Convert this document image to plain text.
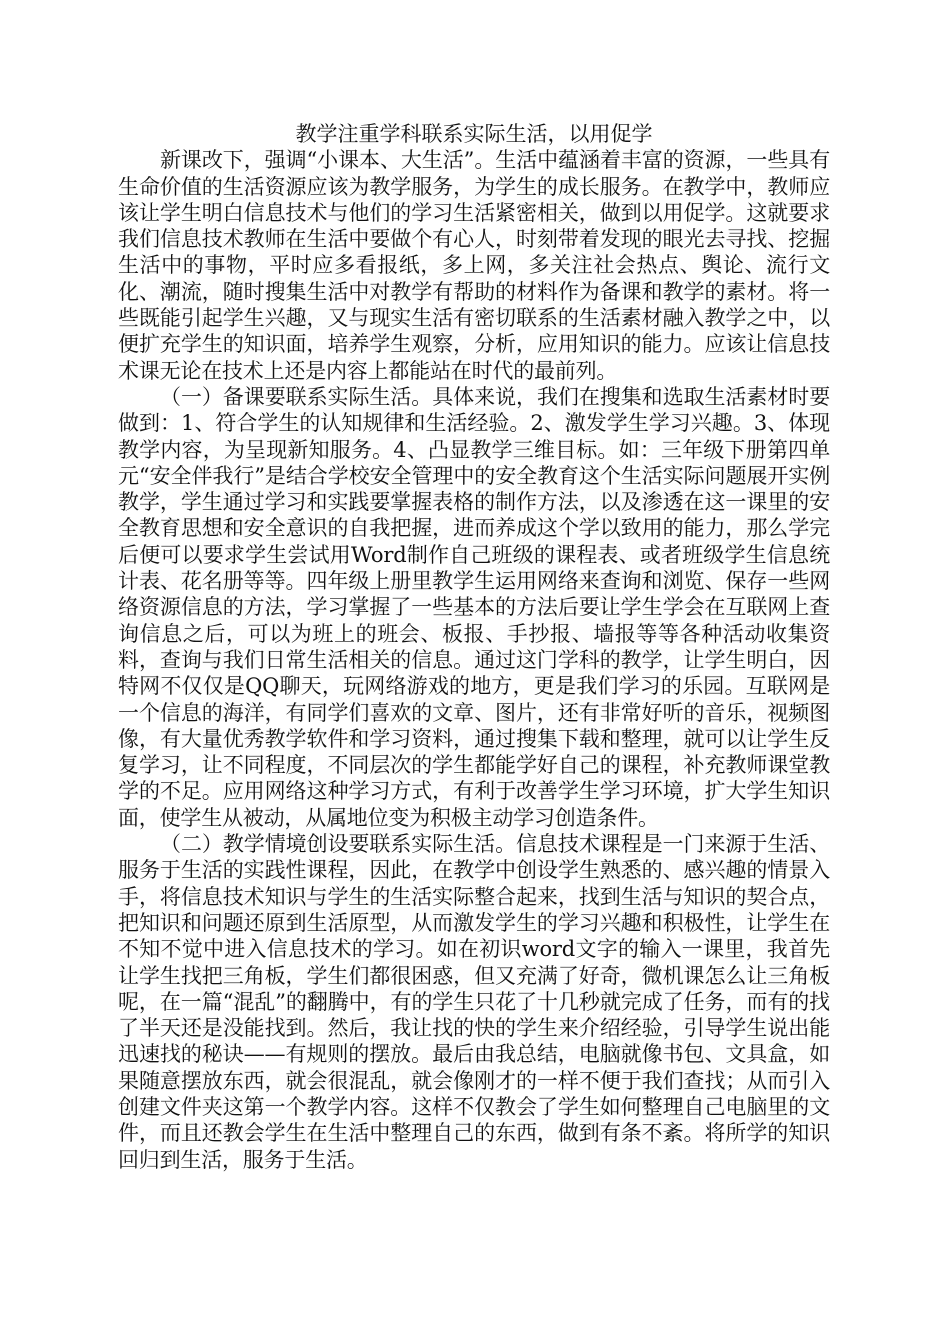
教学注重学科联系实际生活，以用促学

新课改下，强调“小课本、大生活”。生活中蕴涵着丰富的资源，一些具有生命价值的生活资源应该为教学服务，为学生的成长服务。在教学中，教师应该让学生明白信息技术与他们的学习生活紧密相关，做到以用促学。这就要求我们信息技术教师在生活中要做个有心人，时刻带着发现的眼光去寻找、挖掘生活中的事物，平时应多看报纸，多上网，多关注社会热点、舆论、流行文化、潮流，随时搜集生活中对教学有帮助的材料作为备课和教学的素材。将一些既能引起学生兴趣，又与现实生活有密切联系的生活素材融入教学之中，以便扩充学生的知识面，培养学生观察，分析，应用知识的能力。应该让信息技术课无论在技术上还是内容上都能站在时代的最前列。

（一）备课要联系实际生活。具体来说，我们在搜集和选取生活素材时要做到：1、符合学生的认知规律和生活经验。2、激发学生学习兴趣。3、体现教学内容，为呈现新知服务。4、凸显教学三维目标。如：三年级下册第四单元“安全伴我行”是结合学校安全管理中的安全教育这个生活实际问题展开实例教学，学生通过学习和实践要掌握表格的制作方法，以及渗透在这一课里的安全教育思想和安全意识的自我把握，进而养成这个学以致用的能力，那么学完后便可以要求学生尝试用Word制作自己班级的课程表、或者班级学生信息统计表、花名册等等。四年级上册里教学生运用网络来查询和浏览、保存一些网络资源信息的方法，学习掌握了一些基本的方法后要让学生学会在互联网上查询信息之后，可以为班上的班会、板报、手抄报、墙报等等各种活动收集资料，查询与我们日常生活相关的信息。通过这门学科的教学，让学生明白，因特网不仅仅是QQ聊天，玩网络游戏的地方，更是我们学习的乐园。互联网是一个信息的海洋，有同学们喜欢的文章、图片，还有非常好听的音乐，视频图像，有大量优秀教学软件和学习资料，通过搜集下载和整理，就可以让学生反复学习，让不同程度，不同层次的学生都能学好自己的课程，补充教师课堂教学的不足。应用网络这种学习方式，有利于改善学生学习环境，扩大学生知识面，使学生从被动，从属地位变为积极主动学习创造条件。

（二）教学情境创设要联系实际生活。信息技术课程是一门来源于生活、服务于生活的实践性课程，因此，在教学中创设学生熟悉的、感兴趣的情景入手，将信息技术知识与学生的生活实际整合起来，找到生活与知识的契合点，把知识和问题还原到生活原型，从而激发学生的学习兴趣和积极性，让学生在不知不觉中进入信息技术的学习。如在初识word文字的输入一课里，我首先让学生找把三角板，学生们都很困惑，但又充满了好奇，微机课怎么让三角板呢，在一篇“混乱”的翻腾中，有的学生只花了十几秒就完成了任务，而有的找了半天还是没能找到。然后，我让找的快的学生来介绍经验，引导学生说出能迅速找的秘诀——有规则的摆放。最后由我总结，电脑就像书包、文具盒，如果随意摆放东西，就会很混乱，就会像刚才的一样不便于我们查找；从而引入创建文件夹这第一个教学内容。这样不仅教会了学生如何整理自己电脑里的文件，而且还教会学生在生活中整理自己的东西，做到有条不紊。将所学的知识回归到生活，服务于生活。
